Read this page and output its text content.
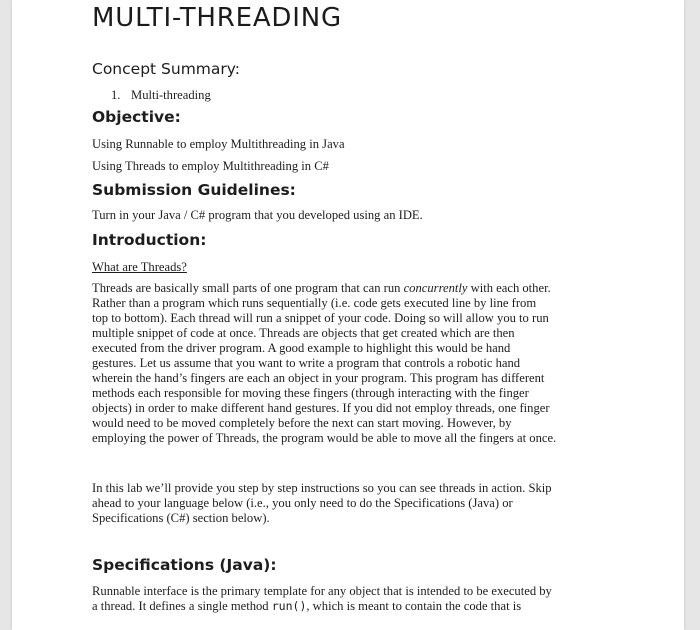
MULTI-THREADING
Concept Summary:
1. Multi-threading
Objective:
Using Runnable to employ Multithreading in Java
Using Threads to employ Multithreading in C#
Submission Guidelines:
Turn in your Java / C# program that you developed using an IDE.
Introduction:
What are Threads?
Threads are basically small parts of one program that can run concurrently with each other.
Rather than a program which runs sequentially (i.e. code gets executed line by line from
top to bottom). Each thread will run a snippet of your code. Doing so will allow you to run
multiple snippet of code at once. Threads are objects that get created which are then
executed from the driver program. A good example to highlight this would be hand
gestures. Let us assume that you want to write a program that controls a robotic hand
wherein the hand’s fingers are each an object in your program. This program has different
methods each responsible for moving these fingers (through interacting with the finger
objects) in order to make different hand gestures. If you did not employ threads, one finger
would need to be moved completely before the next can start moving. However, by
employing the power of Threads, the program would be able to move all the fingers at once.
In this lab we’ll provide you step by step instructions so you can see threads in action. Skip
ahead to your language below (i.e., you only need to do the Specifications (Java) or
Specifications (C#) section below).
Specifications (Java):
Runnable interface is the primary template for any object that is intended to be executed by
a thread. It defines a single method run(), which is meant to contain the code that is
